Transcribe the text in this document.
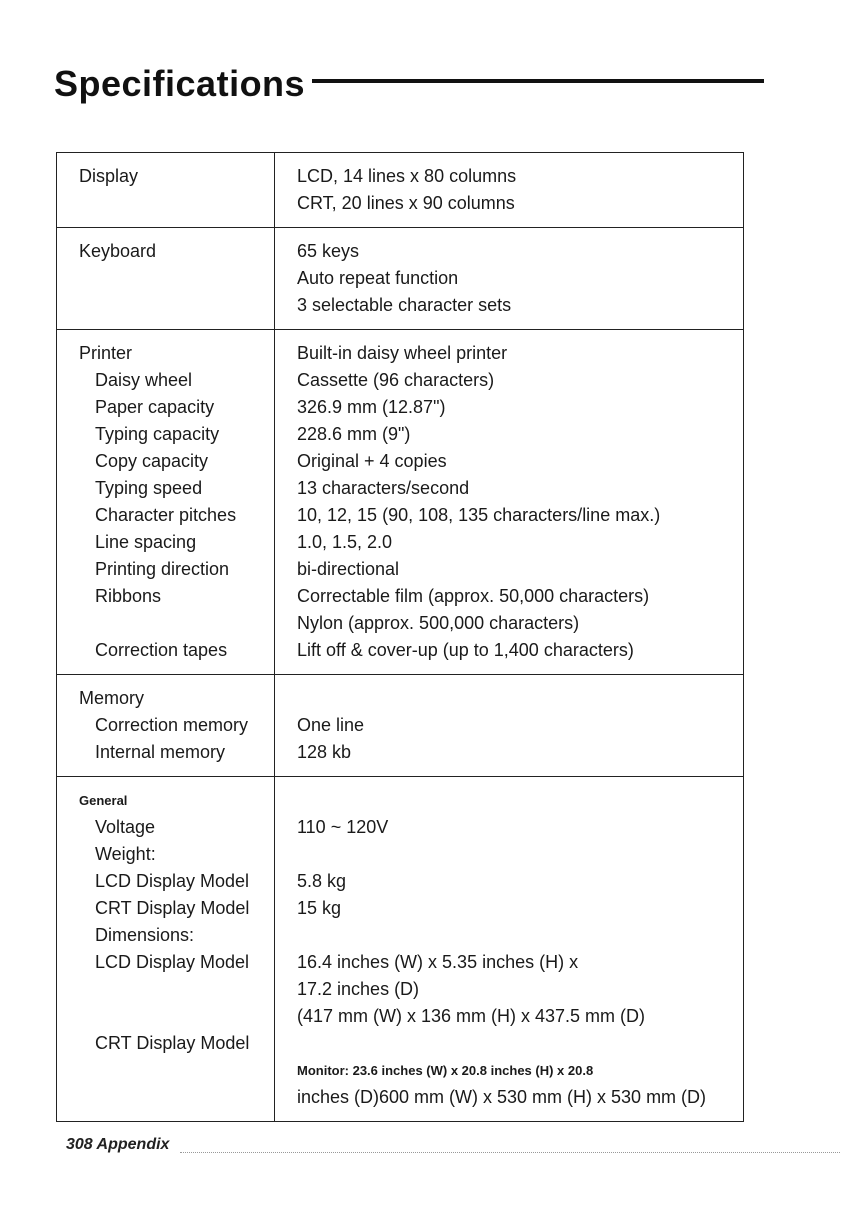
Specifications
Display	LCD, 14 lines x 80 columns
CRT, 20 lines x 90 columns
Keyboard	65 keys
Auto repeat function
3 selectable character sets
Printer
Daisy wheel
Paper capacity
Typing capacity
Copy capacity
Typing speed
Character pitches
Line spacing
Printing direction
Ribbons
Correction tapes
Built-in daisy wheel printer
Cassette (96 characters)
326.9 mm (12.87")
228.6 mm (9")
Original + 4 copies
13 characters/second
10, 12, 15 (90, 108, 135 characters/line max.)
1.0, 1.5, 2.0
bi-directional
Correctable film (approx. 50,000 characters)
Nylon (approx. 500,000 characters)
Lift off & cover-up (up to 1,400 characters)
Memory
Correction memory
Internal memory
One line
128 kb
General
Voltage
Weight:
LCD Display Model
CRT Display Model
Dimensions:
LCD Display Model
CRT Display Model
110 ~ 120V
5.8 kg
15 kg
16.4 inches (W) x 5.35 inches (H) x
17.2 inches (D)
(417 mm (W) x 136 mm (H) x 437.5 mm (D)
Monitor: 23.6 inches (W) x 20.8 inches (H) x 20.8
inches (D)600 mm (W) x 530 mm (H) x 530 mm (D)
308 Appendix
